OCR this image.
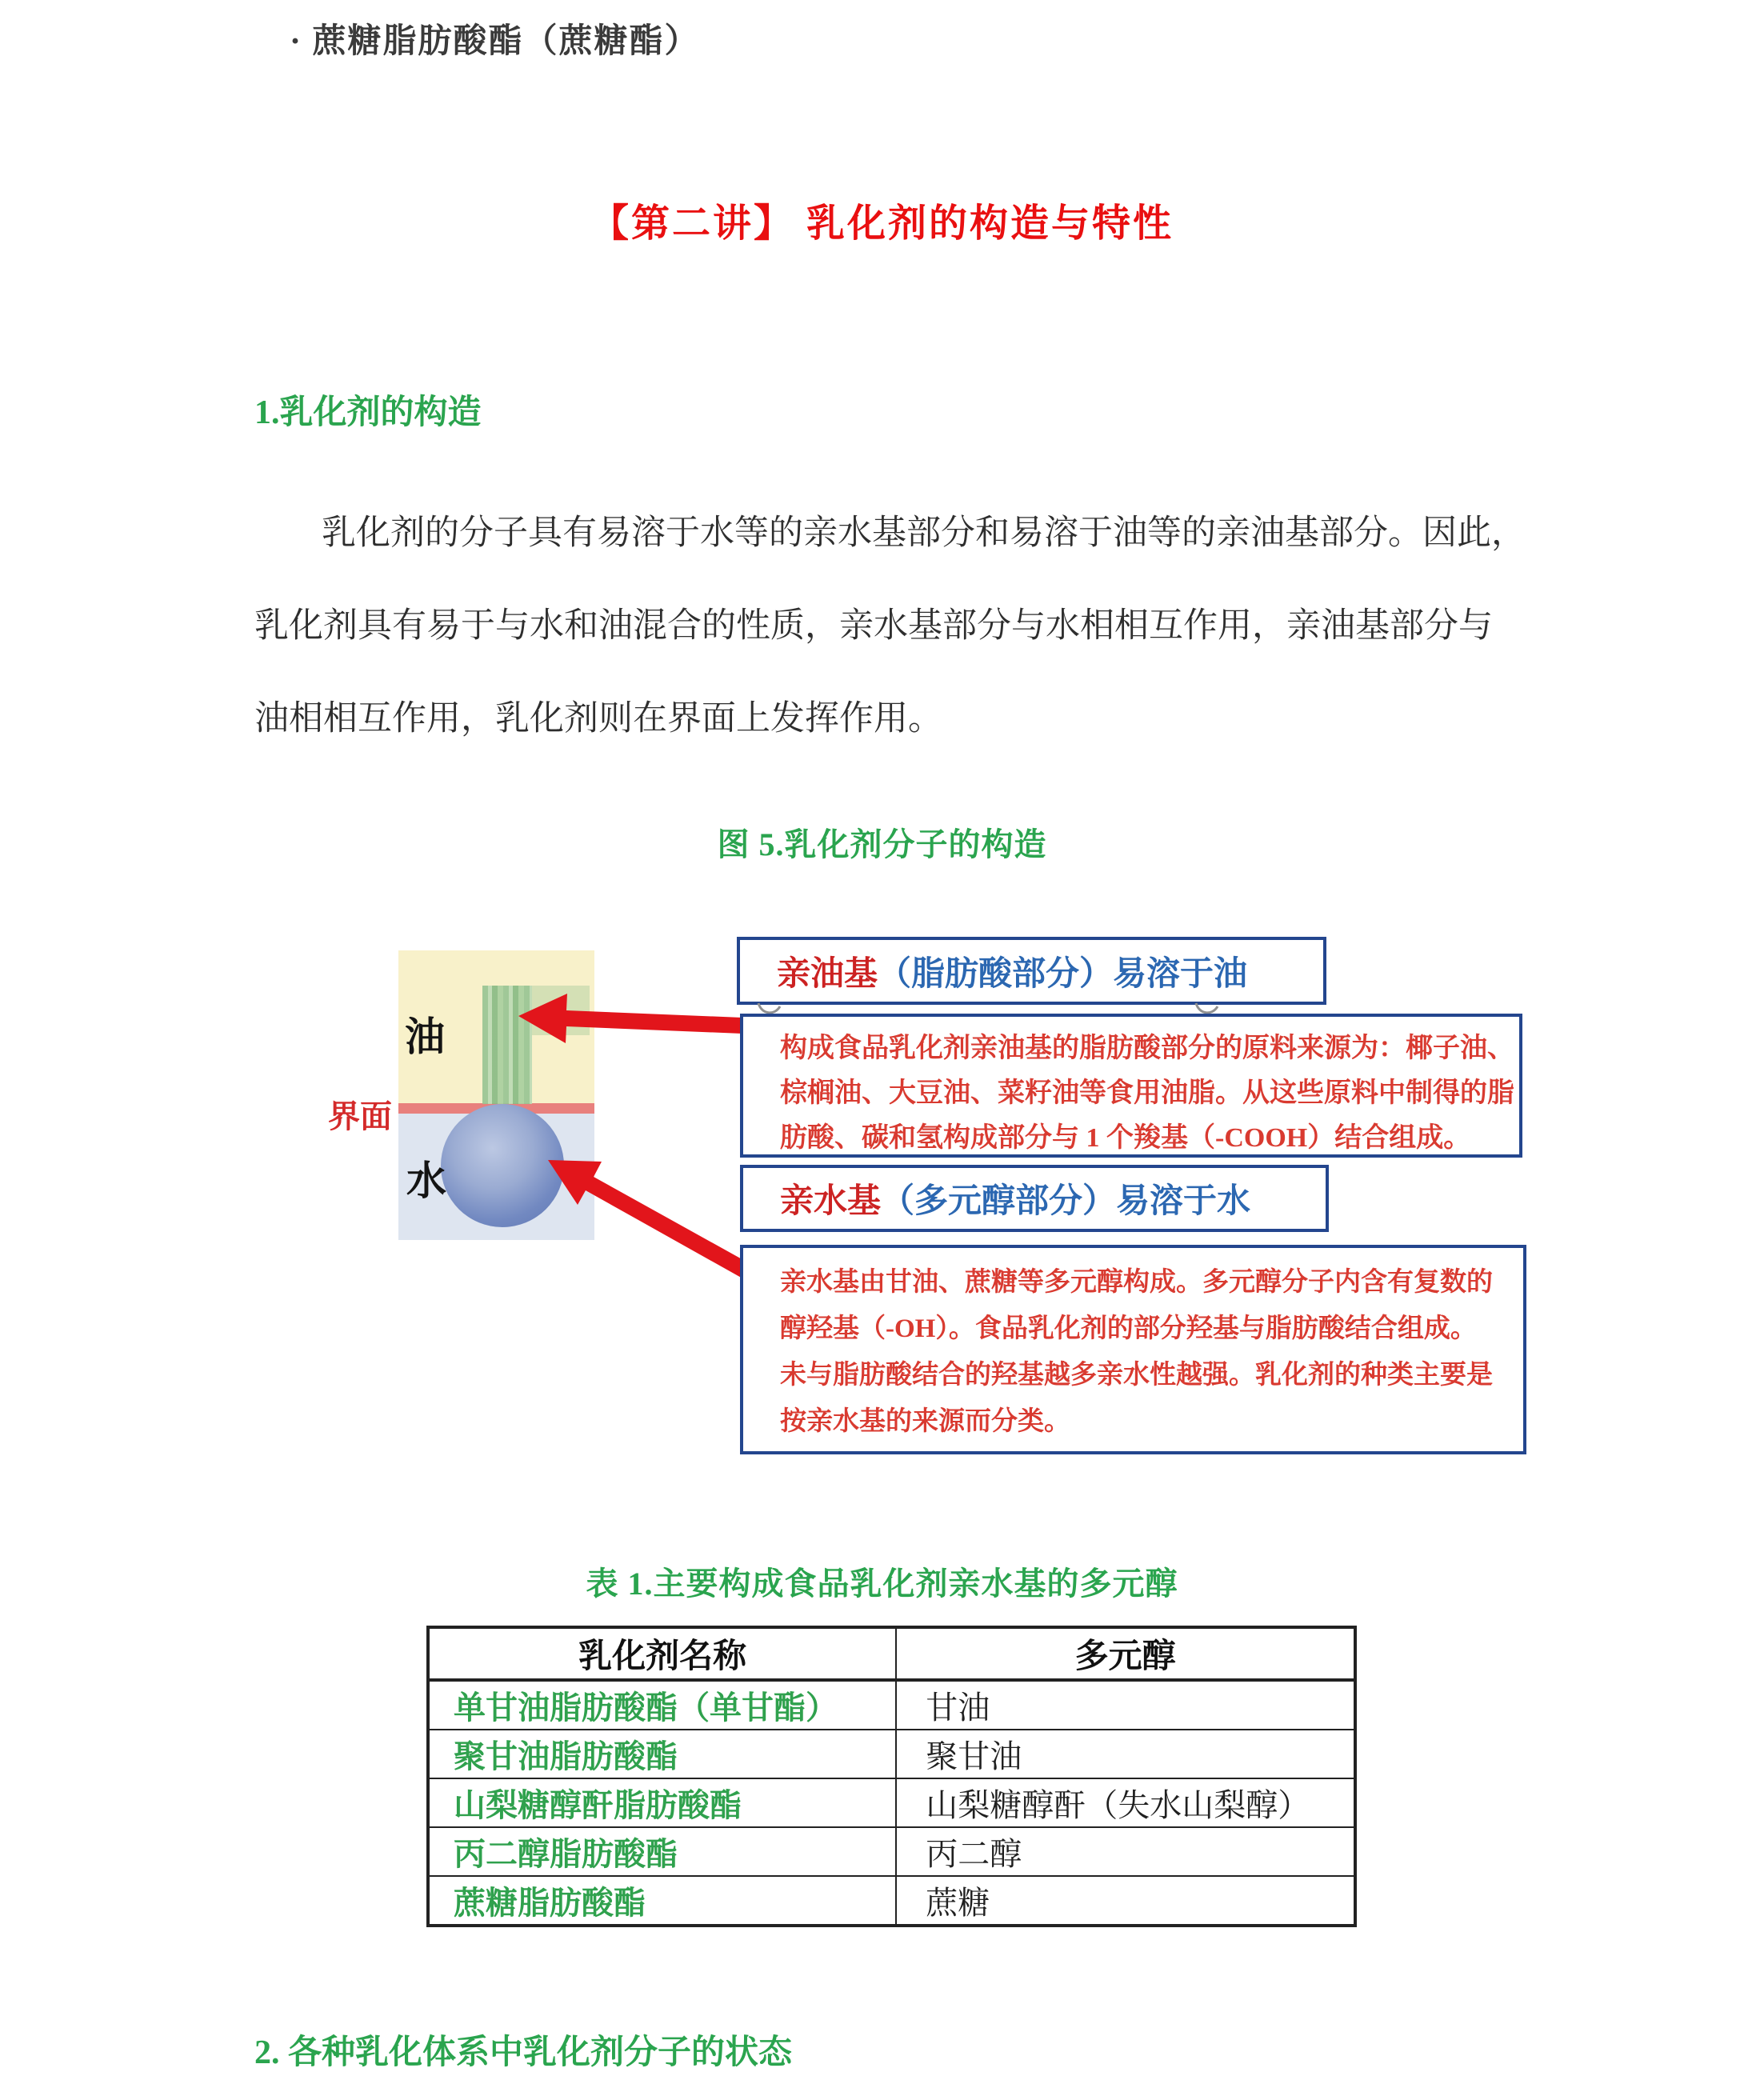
· 蔗糖脂肪酸酯（蔗糖酯）
【第二讲】 乳化剂的构造与特性
1.乳化剂的构造
乳化剂的分子具有易溶于水等的亲水基部分和易溶于油等的亲油基部分。因此，
乳化剂具有易于与水和油混合的性质，亲水基部分与水相相互作用，亲油基部分与
油相相互作用，乳化剂则在界面上发挥作用。
图 5.乳化剂分子的构造
油
水
界面
亲油基 （脂肪酸部分）易溶于油
构成食品乳化剂亲油基的脂肪酸部分的原料来源为：椰子油、
棕榈油、大豆油、菜籽油等食用油脂。从这些原料中制得的脂
肪酸、碳和氢构成部分与 1 个羧基（-COOH）结合组成。
亲水基 （多元醇部分）易溶于水
亲水基由甘油、蔗糖等多元醇构成。多元醇分子内含有复数的
醇羟基（-OH）。食品乳化剂的部分羟基与脂肪酸结合组成。
未与脂肪酸结合的羟基越多亲水性越强。乳化剂的种类主要是
按亲水基的来源而分类。
表 1.主要构成食品乳化剂亲水基的多元醇
乳化剂名称	多元醇
单甘油脂肪酸酯（单甘酯）	甘油
聚甘油脂肪酸酯	聚甘油
山梨糖醇酐脂肪酸酯	山梨糖醇酐（失水山梨醇）
丙二醇脂肪酸酯	丙二醇
蔗糖脂肪酸酯	蔗糖
2. 各种乳化体系中乳化剂分子的状态
